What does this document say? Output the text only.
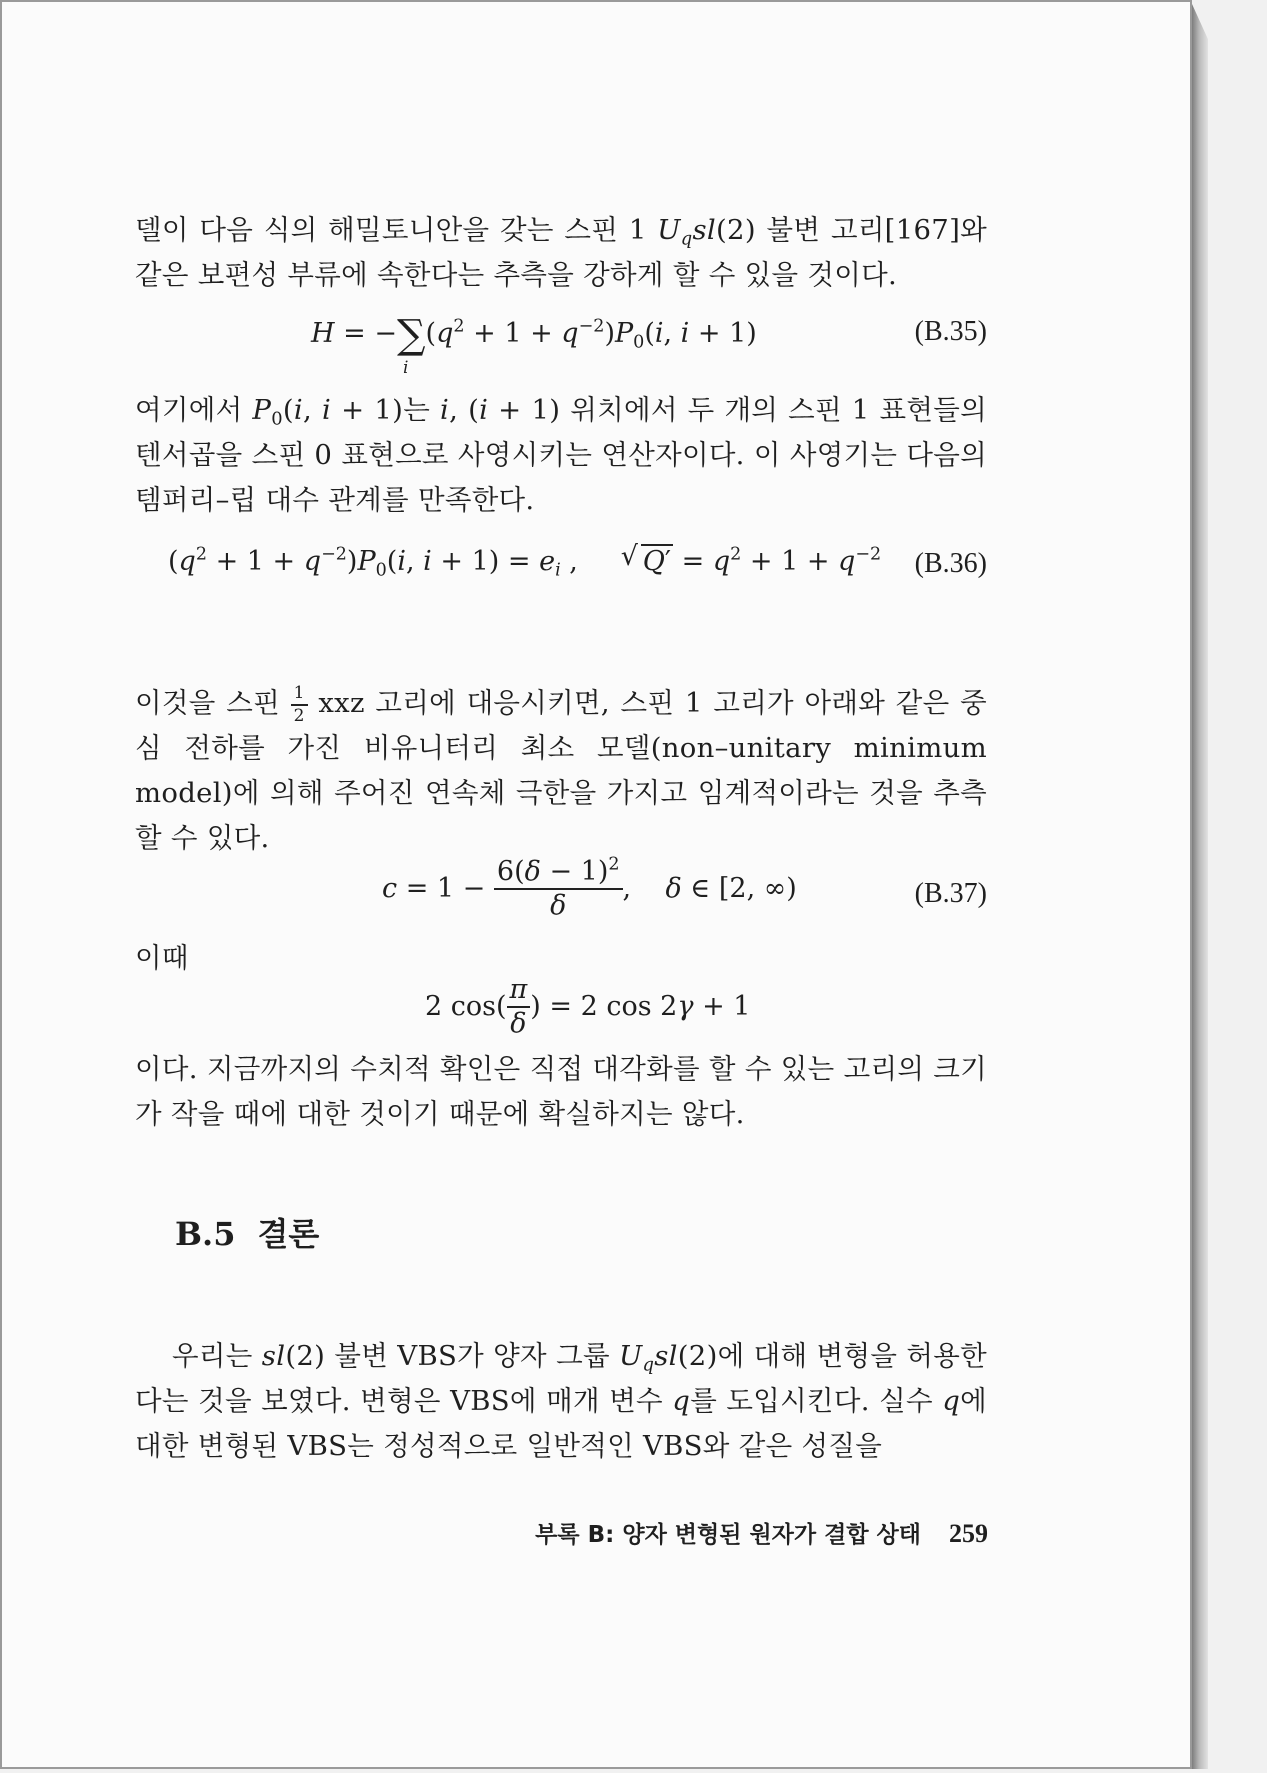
델이 다음 식의 해밀토니안을 갖는 스핀 1 $U_qsl(2)$ 불변 고리[167]와 같은 보편성 부류에 속한다는 추측을 강하게 할 수 있을 것이다.

$H = -\sum(q^2 + 1 + q^{-2})P_0(i$, i + 1)
i
(B.35)

여기에서 $P_0(i$, i + 1)는 i, (i + 1) 위치에서 두 개의 스핀 1 표현들의 텐서곱을 스핀 0 표현으로 사영시키는 연산자이다. 이 사영기는 다음의 템퍼리–립 대수 관계를 만족한다.

$(q^2 + 1 + q^{-2})P_0(i$, $i + 1) = e_i$ ,     √ $Q' = q^2 + 1 + q^{-2}$ (B.36)

이것을 스핀 $\frac{1}{2}$ xxz 고리에 대응시키면, 스핀 1 고리가 아래와 같은 중심 전하를 가진 비유니터리 최소 모델(non–unitary minimum model)에 의해 주어진 연속체 극한을 가지고 임계적이라는 것을 추측할 수 있다.

$c = 1 - \frac{6(\delta - 1)^2}{\delta}$ ,    δ ∈ [2, ∞)	(B.37)

이때

2 $\cos( \frac{\pi}{\delta}$ ) = 2 cos 2γ + 1

이다. 지금까지의 수치적 확인은 직접 대각화를 할 수 있는 고리의 크기가 작을 때에 대한 것이기 때문에 확실하지는 않다.

B.5 결론

우리는 sl(2) 불변 VBS가 양자 그룹 $U_qsl(2)$에 대해 변형을 허용한다는 것을 보였다. 변형은 VBS에 매개 변수 q를 도입시킨다. 실수 q에 대한 변형된 VBS는 정성적으로 일반적인 VBS와 같은 성질을

부록 B: 양자 변형된 원자가 결합 상태 259
